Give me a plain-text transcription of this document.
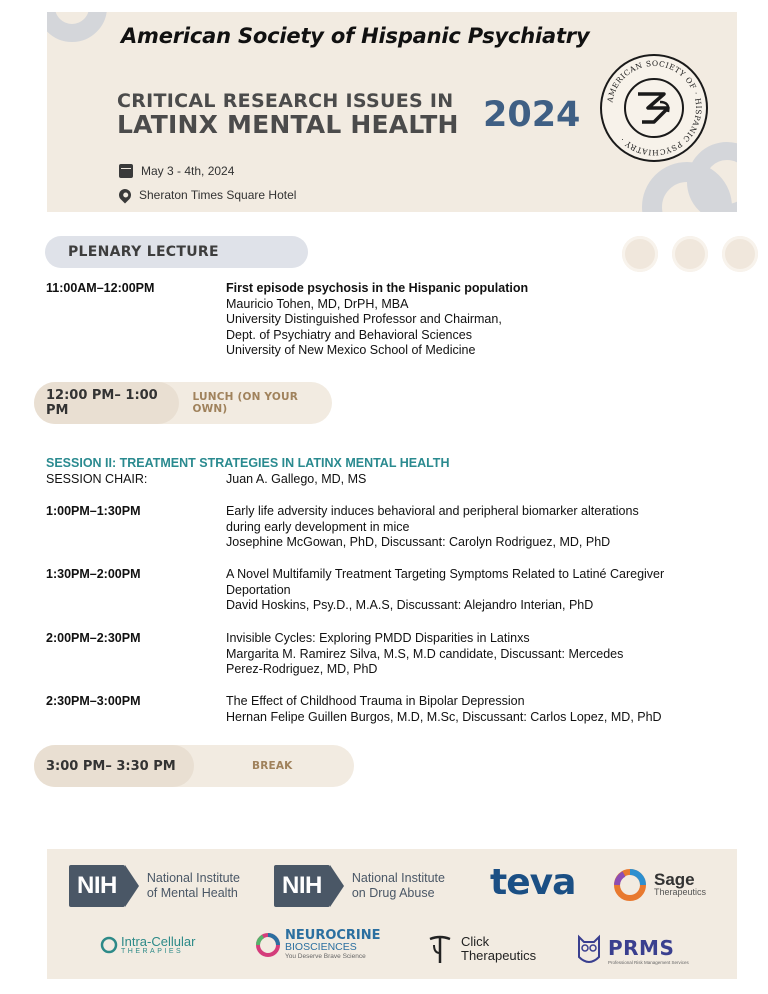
American Society of Hispanic Psychiatry
CRITICAL RESEARCH ISSUES IN
LATINX MENTAL HEALTH 2024
May 3 - 4th, 2024
Sheraton Times Square Hotel
AMERICAN SOCIETY OF · HISPANIC PSYCHIATRY ·
PLENARY LECTURE
11:00AM–12:00PM	First episode psychosis in the Hispanic population
Mauricio Tohen, MD, DrPH, MBA
University Distinguished Professor and Chairman,
Dept. of Psychiatry and Behavioral Sciences
University of New Mexico School of Medicine
12:00 PM– 1:00 PM
LUNCH (ON YOUR OWN)
SESSION II: TREATMENT STRATEGIES IN LATINX MENTAL HEALTH
SESSION CHAIR:	Juan A. Gallego, MD, MS
1:00PM–1:30PM	Early life adversity induces behavioral and peripheral biomarker alterations
during early development in mice
Josephine McGowan, PhD, Discussant: Carolyn Rodriguez, MD, PhD
1:30PM–2:00PM	A Novel Multifamily Treatment Targeting Symptoms Related to Latiné Caregiver
Deportation
David Hoskins, Psy.D., M.A.S, Discussant: Alejandro Interian, PhD
2:00PM–2:30PM	Invisible Cycles: Exploring PMDD Disparities in Latinxs
Margarita M. Ramirez Silva, M.S, M.D candidate, Discussant: Mercedes
Perez-Rodriguez, MD, PhD
2:30PM–3:00PM	The Effect of Childhood Trauma in Bipolar Depression
Hernan Felipe Guillen Burgos, M.D, M.Sc, Discussant: Carlos Lopez, MD, PhD
3:00 PM– 3:30 PM	BREAK
NIH	National Institute
of Mental Health	NIH	National Institute
on Drug Abuse teva	Sage
Therapeutics
Intra-Cellular
THERAPIES
NEUROCRINE
BIOSCIENCES
You Deserve Brave Science
Click
Therapeutics	PRMS
Professional Risk Management Services
